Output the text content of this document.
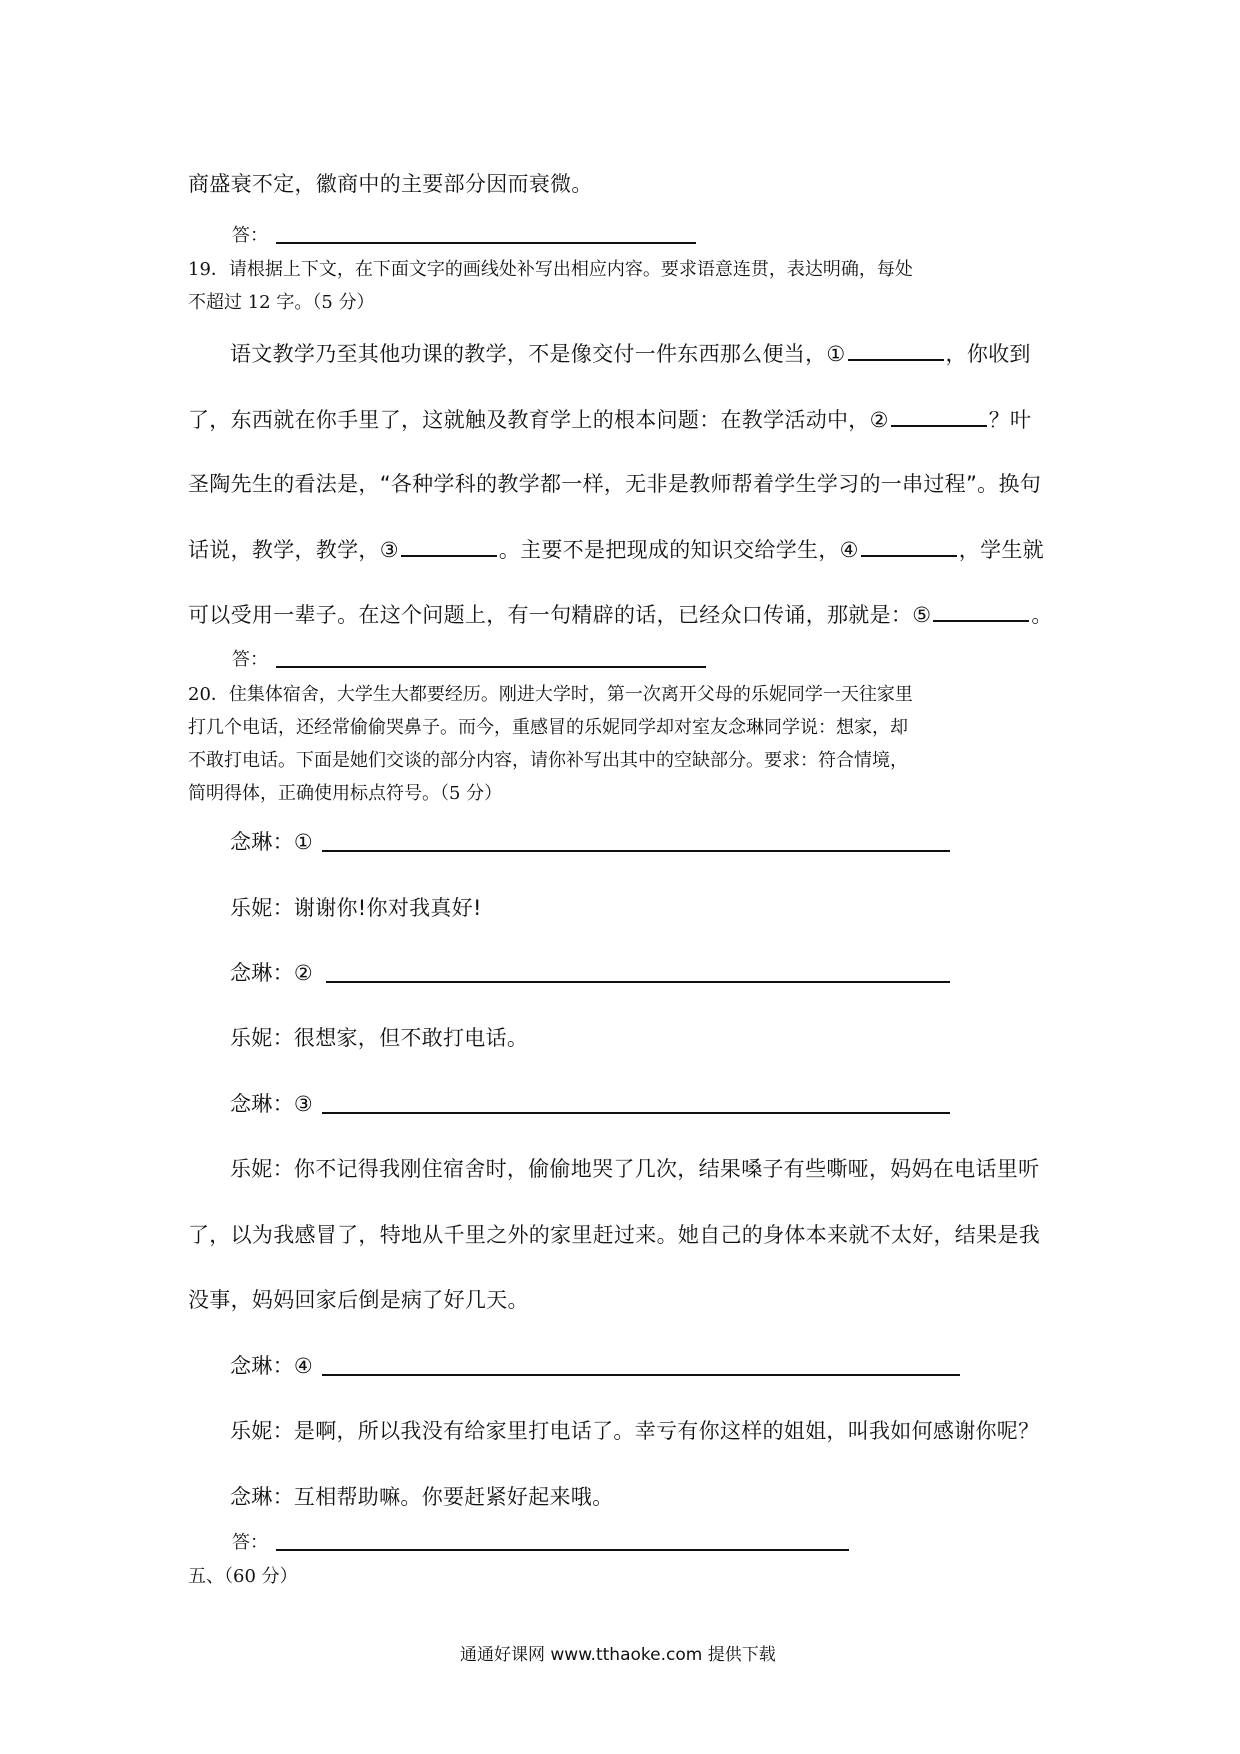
商盛衰不定，徽商中的主要部分因而衰微。
答：
19．请根据上下文，在下面文字的画线处补写出相应内容。要求语意连贯，表达明确，每处
不超过 12 字。（5 分）
语文教学乃至其他功课的教学，不是像交付一件东西那么便当，①	，你收到
了，东西就在你手里了，这就触及教育学上的根本问题：在教学活动中，②	？叶
圣陶先生的看法是，“各种学科的教学都一样，无非是教师帮着学生学习的一串过程”。换句
话说，教学，教学，③	。主要不是把现成的知识交给学生，④	，学生就
可以受用一辈子。在这个问题上，有一句精辟的话，已经众口传诵，那就是：⑤	。
答：
20．住集体宿舍，大学生大都要经历。刚进大学时，第一次离开父母的乐妮同学一天往家里
打几个电话，还经常偷偷哭鼻子。而今，重感冒的乐妮同学却对室友念琳同学说：想家，却
不敢打电话。下面是她们交谈的部分内容，请你补写出其中的空缺部分。要求：符合情境，
简明得体，正确使用标点符号。（5 分）
念琳：①
乐妮：谢谢你!你对我真好!
念琳：②
乐妮：很想家，但不敢打电话。
念琳：③
乐妮：你不记得我刚住宿舍时，偷偷地哭了几次，结果嗓子有些嘶哑，妈妈在电话里听
了，以为我感冒了，特地从千里之外的家里赶过来。她自己的身体本来就不太好，结果是我
没事，妈妈回家后倒是病了好几天。
念琳：④
乐妮：是啊，所以我没有给家里打电话了。幸亏有你这样的姐姐，叫我如何感谢你呢？
念琳：互相帮助嘛。你要赶紧好起来哦。
答：
五、（60 分）
通通好课网 www.tthaoke.com 提供下载
